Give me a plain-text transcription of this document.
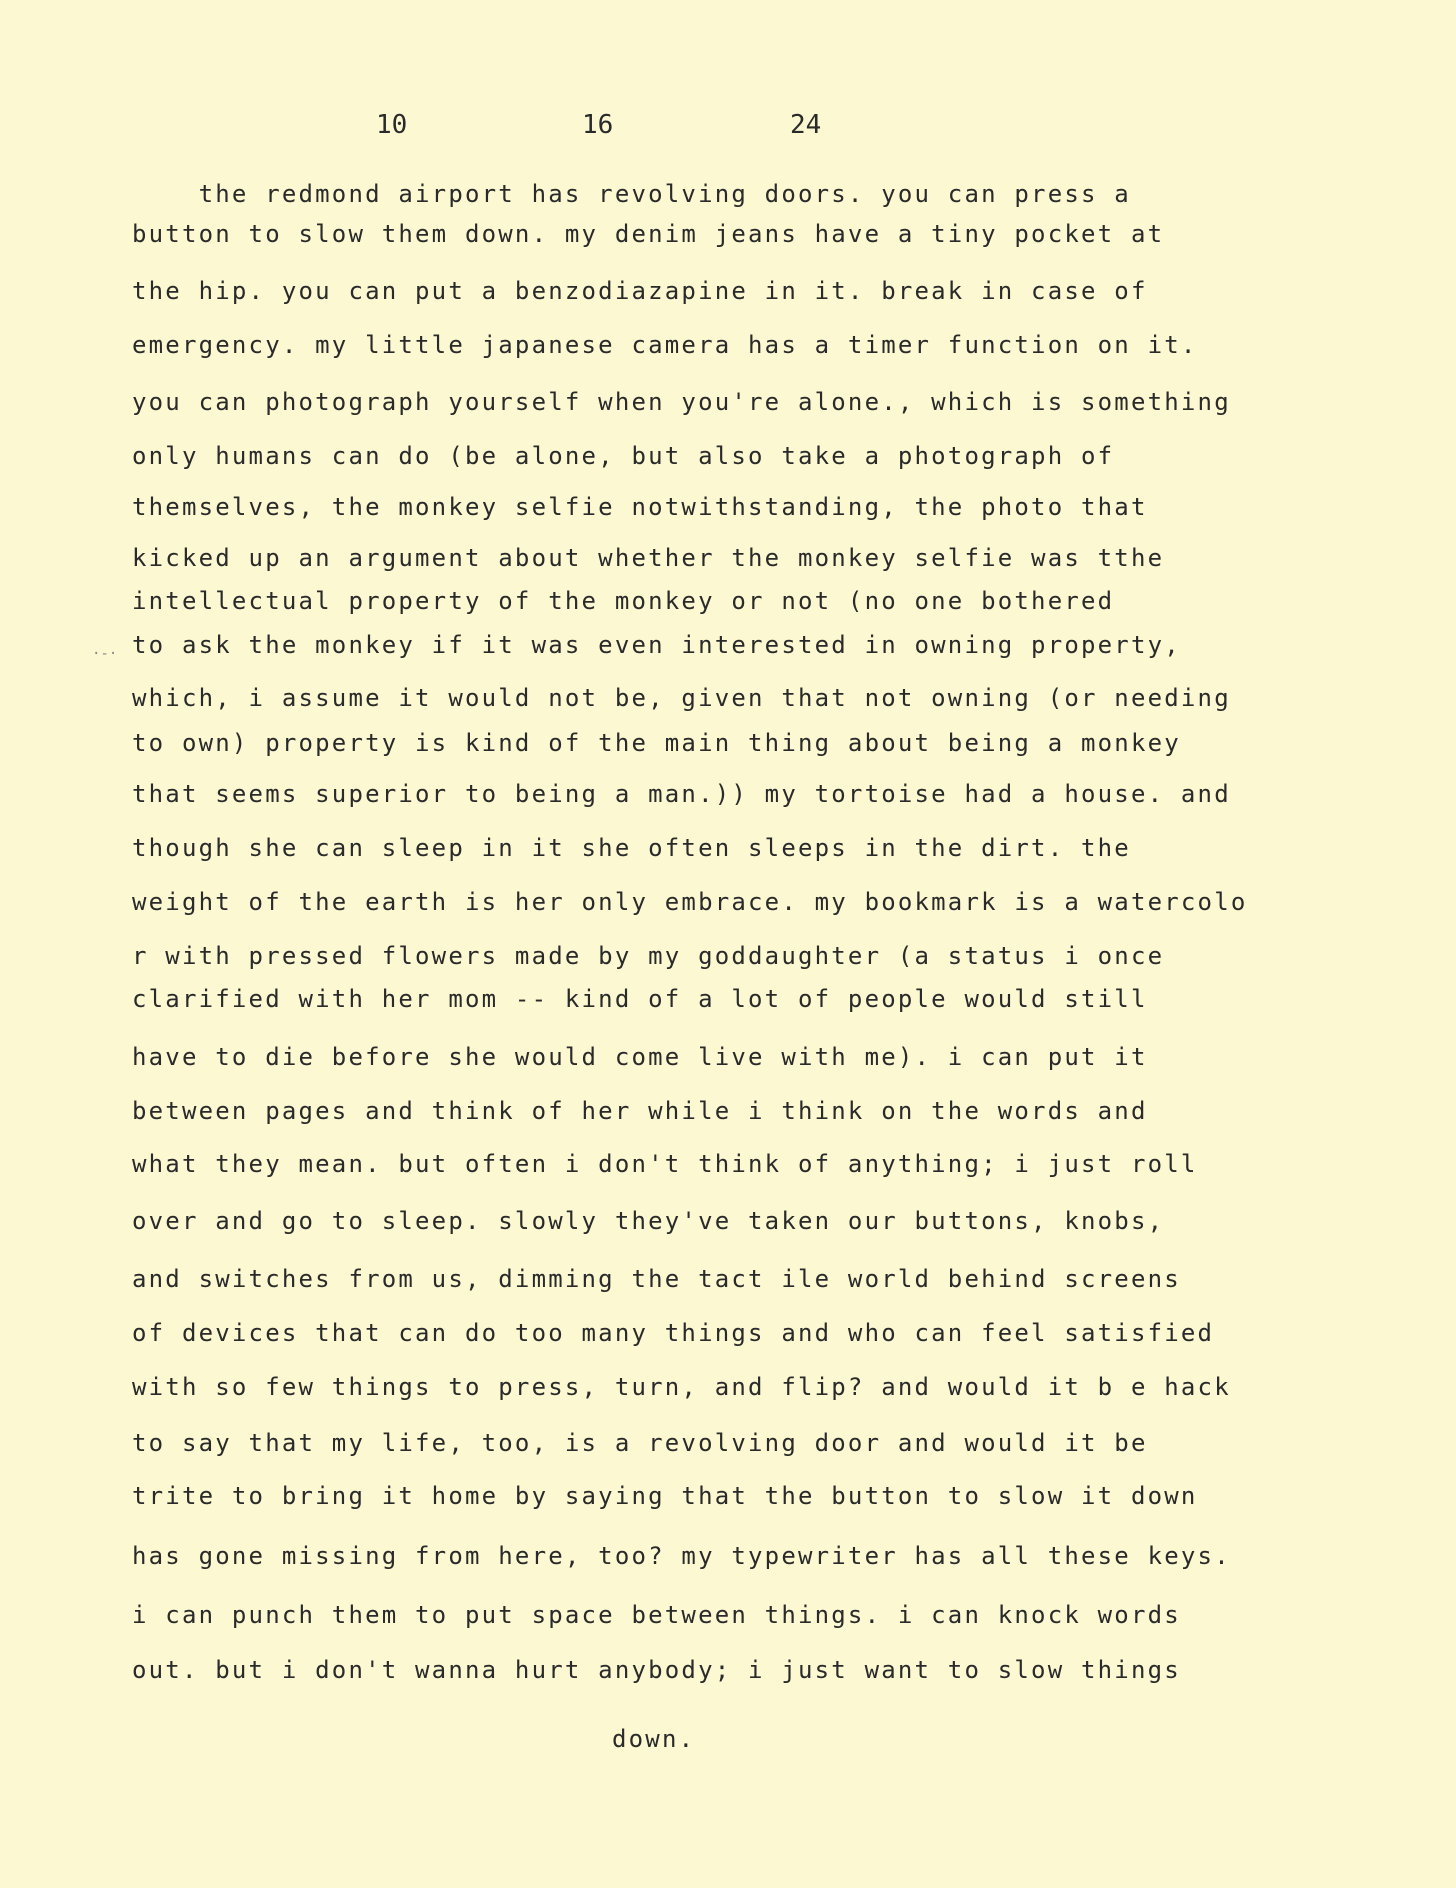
10	16	24
the redmond airport has revolving doors. you can press a
button to slow them down. my denim jeans have a tiny pocket at
the hip. you can put a benzodiazapine in it. break in case of
emergency. my little japanese camera has a timer function on it.
you can photograph yourself when you're alone., which is something
only humans can do (be alone, but also take a photograph of
themselves, the monkey selfie notwithstanding, the photo that
kicked up an argument about whether the monkey selfie was tthe
intellectual property of the monkey or not (no one bothered
to ask the monkey if it was even interested in owning property,
which, i assume it would not be, given that not owning (or needing
to own) property is kind of the main thing about being a monkey
that seems superior to being a man.)) my tortoise had a house. and
though she can sleep in it she often sleeps in the dirt. the
weight of the earth is her only embrace. my bookmark is a watercolo
r with pressed flowers made by my goddaughter (a status i once
clarified with her mom -- kind of a lot of people would still
have to die before she would come live with me). i can put it
between pages and think of her while i think on the words and
what they mean. but often i don't think of anything; i just roll
over and go to sleep. slowly they've taken our buttons, knobs,
and switches from us, dimming the tact ile world behind screens
of devices that can do too many things and who can feel satisfied
with so few things to press, turn, and flip? and would it b e hack
to say that my life, too, is a revolving door and would it be
trite to bring it home by saying that the button to slow it down
has gone missing from here, too? my typewriter has all these keys.
i can punch them to put space between things. i can knock words
out. but i don't wanna hurt anybody; i just want to slow things
down.
·-·
